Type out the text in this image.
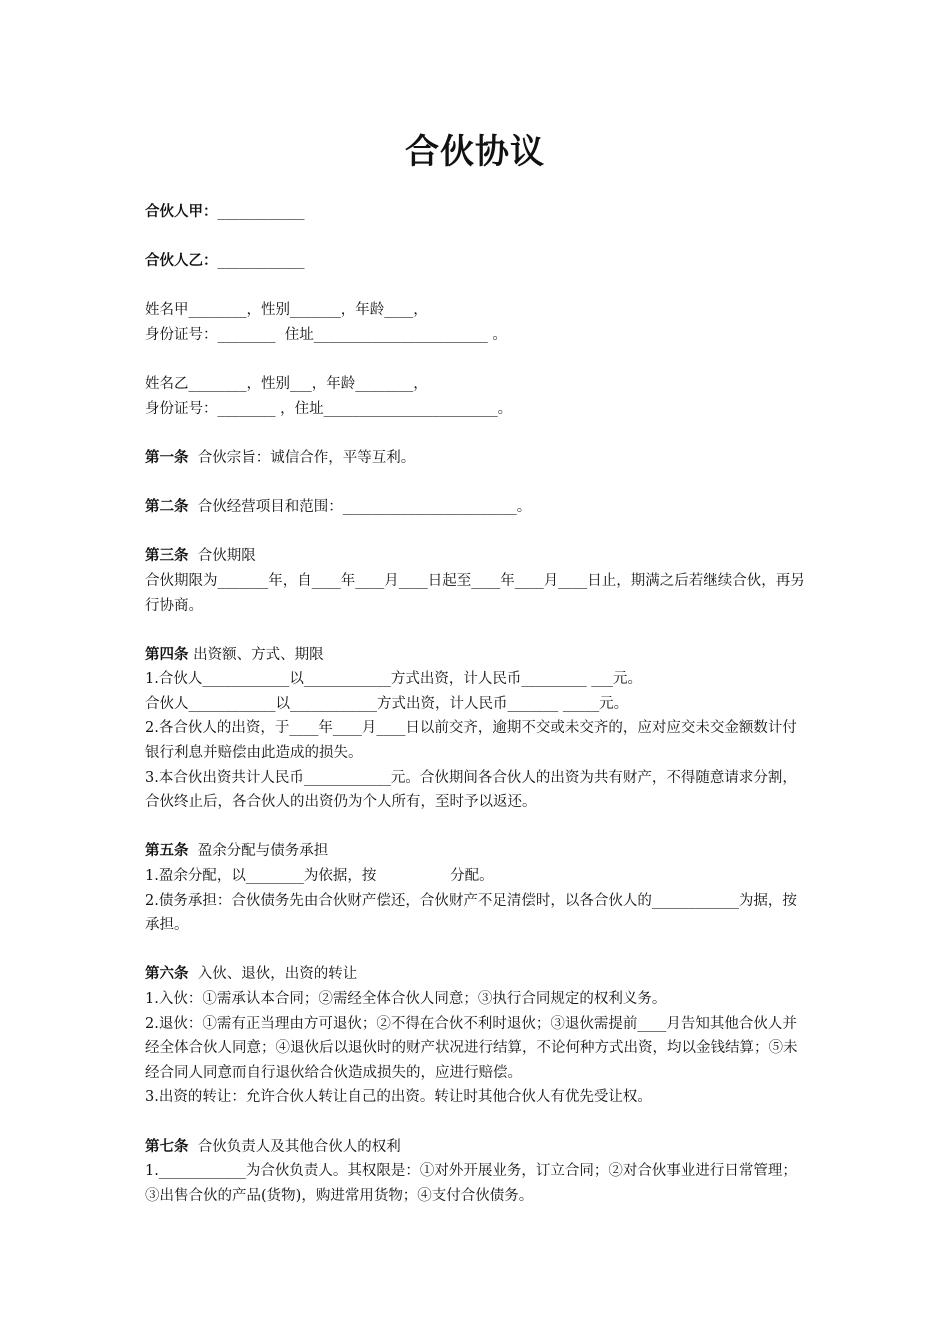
合伙协议

合伙人甲：____________

合伙人乙：____________

姓名甲________，性别_______，年龄____，

身份证号：________  住址________________________ 。

姓名乙________，性别___，年龄________，

身份证号：________ ，住址________________________。

第一条  合伙宗旨：诚信合作，平等互利。

第二条  合伙经营项目和范围：________________________。

第三条  合伙期限

合伙期限为_______年，自____年____月____日起至____年____月____日止，期满之后若继续合伙，再另行协商。

第四条 出资额、方式、期限

1.合伙人____________以____________方式出资，计人民币_________ ___元。

合伙人____________以____________方式出资，计人民币_______ _____元。

2.各合伙人的出资，于____年____月____日以前交齐，逾期不交或未交齐的，应对应交未交金额数计付银行利息并赔偿由此造成的损失。

3.本合伙出资共计人民币____________元。合伙期间各合伙人的出资为共有财产，不得随意请求分割，合伙终止后，各合伙人的出资仍为个人所有，至时予以返还。

第五条  盈余分配与债务承担

1.盈余分配，以________为依据，按                分配。

2.债务承担：合伙债务先由合伙财产偿还，合伙财产不足清偿时，以各合伙人的____________为据，按                承担。

第六条  入伙、退伙，出资的转让

1.入伙：①需承认本合同；②需经全体合伙人同意；③执行合同规定的权利义务。

2.退伙：①需有正当理由方可退伙；②不得在合伙不利时退伙；③退伙需提前____月告知其他合伙人并经全体合伙人同意；④退伙后以退伙时的财产状况进行结算，不论何种方式出资，均以金钱结算；⑤未经合同人同意而自行退伙给合伙造成损失的，应进行赔偿。

3.出资的转让：允许合伙人转让自己的出资。转让时其他合伙人有优先受让权。

第七条  合伙负责人及其他合伙人的权利

1.____________为合伙负责人。其权限是：①对外开展业务，订立合同；②对合伙事业进行日常管理；③出售合伙的产品(货物)，购进常用货物；④支付合伙债务。
